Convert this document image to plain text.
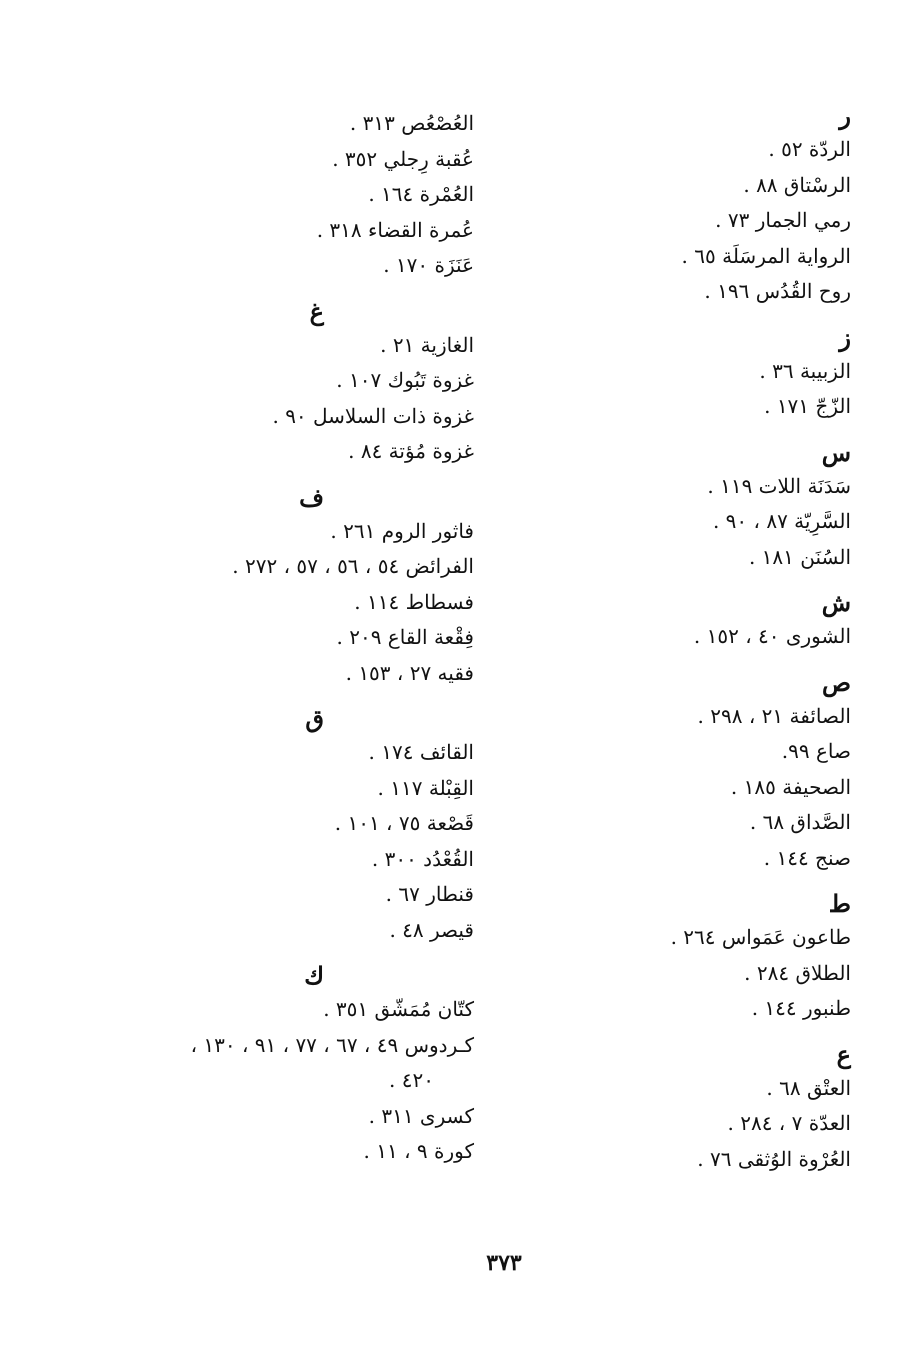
ر
الردّة ٥٢ .
الرسْتاق ٨٨ .
رمي الجمار ٧٣ .
الرواية المرسَلَة ٦٥ .
روح القُدُس ١٩٦ .
ز
الزبيبة ٣٦ .
الزّجّ ١٧١ .
س
سَدَنَة اللات ١١٩ .
السَّرِيّة ٨٧ ، ٩٠ .
السُنَن ١٨١ .
ش
الشورى ٤٠ ، ١٥٢ .
ص
الصائفة ٢١ ، ٢٩٨ .
صاع ٩٩.
الصحيفة ١٨٥ .
الصَّداق ٦٨ .
صنج ١٤٤ .
ط
طاعون عَمَواس ٢٦٤ .
الطلاق ٢٨٤ .
طنبور ١٤٤ .
ع
العتْق ٦٨ .
العدّة ٧ ، ٢٨٤ .
العُرْوة الوُثقى ٧٦ .
العُصْعُص ٣١٣ .
عُقبة رِجلي ٣٥٢ .
العُمْرة ١٦٤ .
عُمرة القضاء ٣١٨ .
عَنَزَة ١٧٠ .
غ
الغازية ٢١ .
غزوة تَبُوك ١٠٧ .
غزوة ذات السلاسل ٩٠ .
غزوة مُؤتة ٨٤ .
ف
فاثور الروم ٢٦١ .
الفرائض ٥٤ ، ٥٦ ، ٥٧ ، ٢٧٢ .
فسطاط ١١٤ .
فِقْعة القاع ٢٠٩ .
فقيه ٢٧ ، ١٥٣ .
ق
القائف ١٧٤ .
القِبْلة ١١٧ .
قَصْعة ٧٥ ، ١٠١ .
القُعْدُد ٣٠٠ .
قنطار ٦٧ .
قيصر ٤٨ .
ك
كتّان مُمَشّق ٣٥١ .
كـردوس ٤٩ ، ٦٧ ، ٧٧ ، ٩١ ، ١٣٠ ،
٤٢٠ .
كسرى ٣١١ .
كورة ٩ ، ١١ .
٣٧٣
